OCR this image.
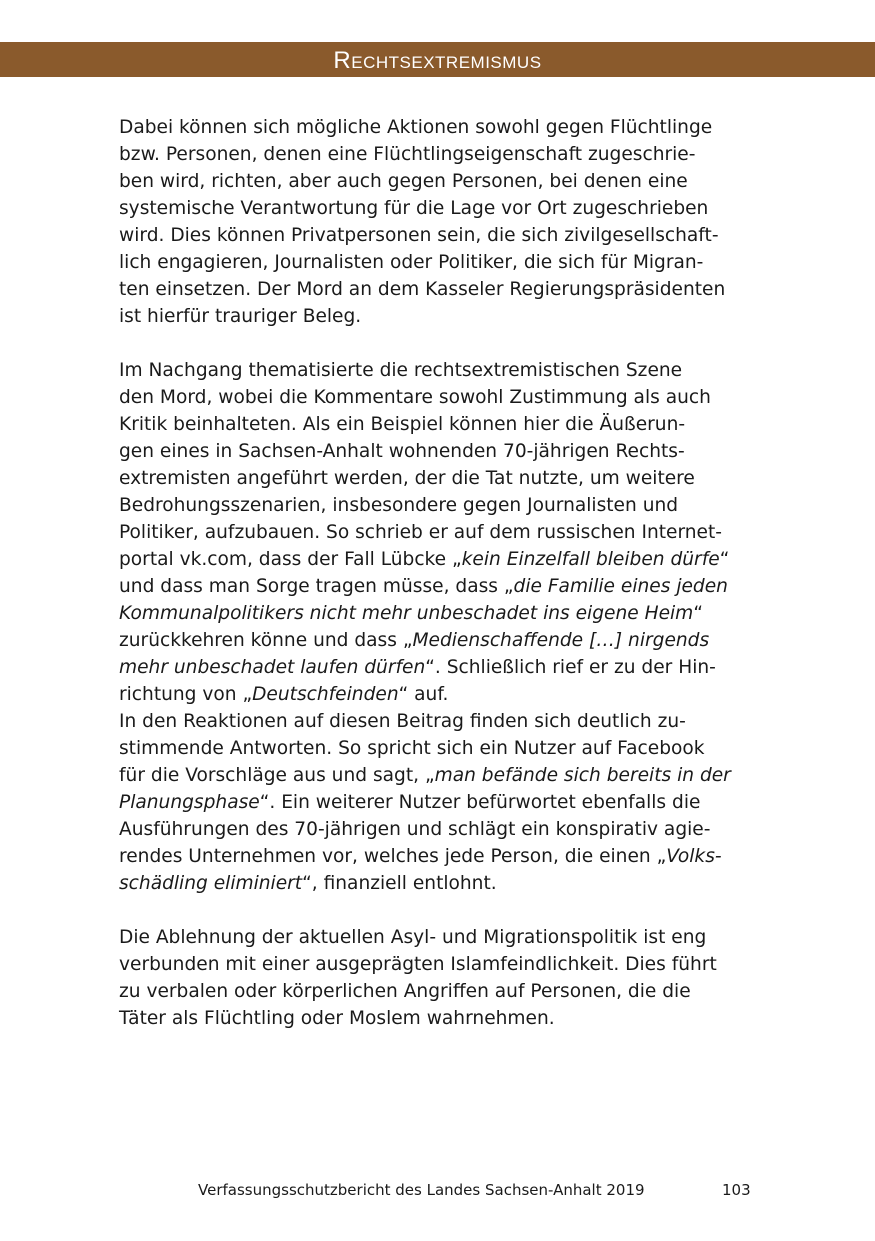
Rechtsextremismus
Dabei können sich mögliche Aktionen sowohl gegen Flüchtlinge
bzw. Personen, denen eine Flüchtlingseigenschaft zugeschrie-
ben wird, richten, aber auch gegen Personen, bei denen eine
systemische Verantwortung für die Lage vor Ort zugeschrieben
wird. Dies können Privatpersonen sein, die sich zivilgesellschaft-
lich engagieren, Journalisten oder Politiker, die sich für Migran-
ten einsetzen. Der Mord an dem Kasseler Regierungspräsidenten
ist hierfür trauriger Beleg.
Im Nachgang thematisierte die rechtsextremistischen Szene
den Mord, wobei die Kommentare sowohl Zustimmung als auch
Kritik beinhalteten. Als ein Beispiel können hier die Äußerun-
gen eines in Sachsen-Anhalt wohnenden 70-jährigen Rechts-
extremisten angeführt werden, der die Tat nutzte, um weitere
Bedrohungsszenarien, insbesondere gegen Journalisten und
Politiker, aufzubauen. So schrieb er auf dem russischen Internet-
portal vk.com, dass der Fall Lübcke „kein Einzelfall bleiben dürfe“
und dass man Sorge tragen müsse, dass „die Familie eines jeden
Kommunalpolitikers nicht mehr unbeschadet ins eigene Heim“
zurückkehren könne und dass „Medienschaffende […] nirgends
mehr unbeschadet laufen dürfen“. Schließlich rief er zu der Hin-
richtung von „Deutschfeinden“ auf.
In den Reaktionen auf diesen Beitrag finden sich deutlich zu-
stimmende Antworten. So spricht sich ein Nutzer auf Facebook
für die Vorschläge aus und sagt, „man befände sich bereits in der
Planungsphase“. Ein weiterer Nutzer befürwortet ebenfalls die
Ausführungen des 70-jährigen und schlägt ein konspirativ agie-
rendes Unternehmen vor, welches jede Person, die einen „Volks-
schädling eliminiert“, finanziell entlohnt.
Die Ablehnung der aktuellen Asyl- und Migrationspolitik ist eng
verbunden mit einer ausgeprägten Islamfeindlichkeit. Dies führt
zu verbalen oder körperlichen Angriffen auf Personen, die die
Täter als Flüchtling oder Moslem wahrnehmen.
Verfassungsschutzbericht des Landes Sachsen-Anhalt 2019	103
